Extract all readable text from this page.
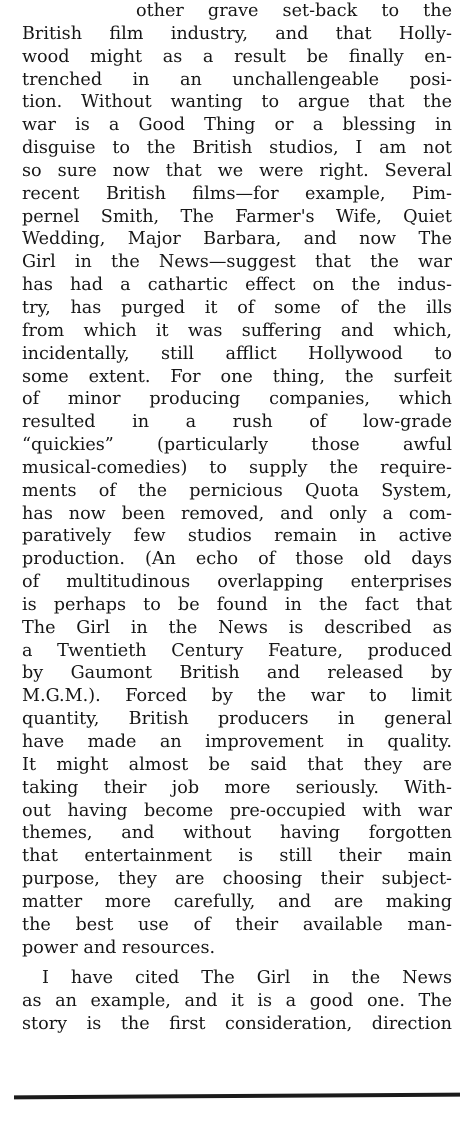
other grave set-back to the
British film industry, and that Holly-
wood might as a result be finally en-
trenched in an unchallengeable posi-
tion. Without wanting to argue that the
war is a Good Thing or a blessing in
disguise to the British studios, I am not
so sure now that we were right. Several
recent British films—for example, Pim-
pernel Smith, The Farmer's Wife, Quiet
Wedding, Major Barbara, and now The
Girl in the News—suggest that the war
has had a cathartic effect on the indus-
try, has purged it of some of the ills
from which it was suffering and which,
incidentally, still afflict Hollywood to
some extent. For one thing, the surfeit
of minor producing companies, which
resulted in a rush of low-grade
“quickies” (particularly those awful
musical-comedies) to supply the require-
ments of the pernicious Quota System,
has now been removed, and only a com-
paratively few studios remain in active
production. (An echo of those old days
of multitudinous overlapping enterprises
is perhaps to be found in the fact that
The Girl in the News is described as
a Twentieth Century Feature, produced
by Gaumont British and released by
M.G.M.). Forced by the war to limit
quantity, British producers in general
have made an improvement in quality.
It might almost be said that they are
taking their job more seriously. With-
out having become pre-occupied with war
themes, and without having forgotten
that entertainment is still their main
purpose, they are choosing their subject-
matter more carefully, and are making
the best use of their available man-
power and resources.
I have cited The Girl in the News
as an example, and it is a good one. The
story is the first consideration, direction
